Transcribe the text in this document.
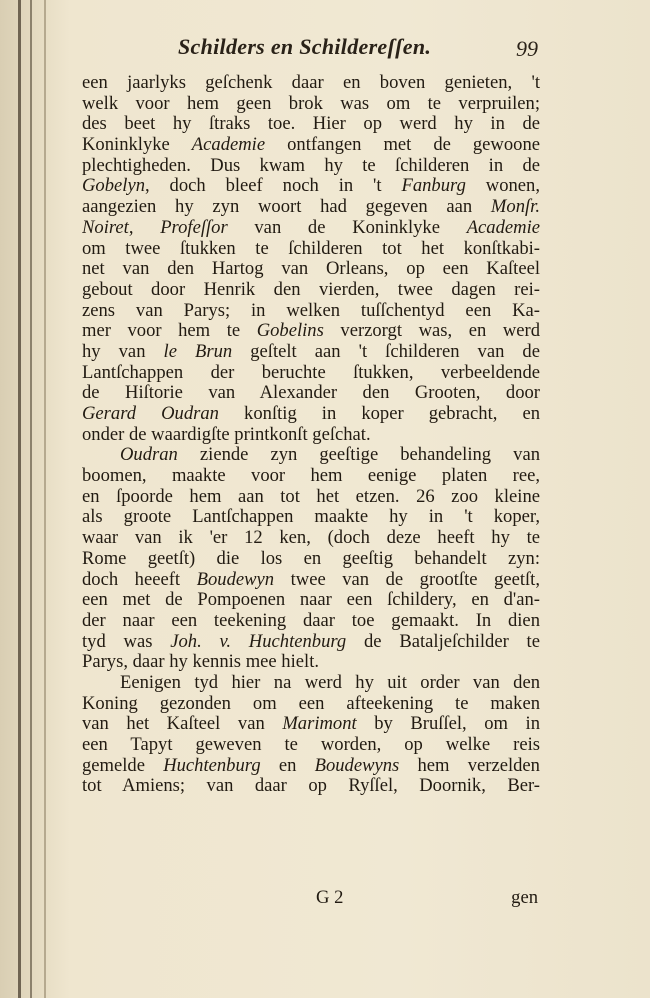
Schilders en Schildereſſen.	99
een jaarlyks geſchenk daar en boven genieten, 't
welk voor hem geen brok was om te verpruilen;
des beet hy ſtraks toe. Hier op werd hy in de
Koninklyke Academie ontfangen met de gewoone
plechtigheden. Dus kwam hy te ſchilderen in de
Gobelyn, doch bleef noch in 't Fanburg wonen,
aangezien hy zyn woort had gegeven aan Monſr.
Noiret, Profeſſor van de Koninklyke Academie
om twee ſtukken te ſchilderen tot het konſtkabi-
net van den Hartog van Orleans, op een Kaſteel
gebout door Henrik den vierden, twee dagen rei-
zens van Parys; in welken tuſſchentyd een Ka-
mer voor hem te Gobelins verzorgt was, en werd
hy van le Brun geſtelt aan 't ſchilderen van de
Lantſchappen der beruchte ſtukken, verbeeldende
de Hiſtorie van Alexander den Grooten, door
Gerard Oudran konſtig in koper gebracht, en
onder de waardigſte printkonſt geſchat.
Oudran ziende zyn geeſtige behandeling van
boomen, maakte voor hem eenige platen ree,
en ſpoorde hem aan tot het etzen. 26 zoo kleine
als groote Lantſchappen maakte hy in 't koper,
waar van ik 'er 12 ken, (doch deze heeft hy te
Rome geetſt) die los en geeſtig behandelt zyn:
doch heeeft Boudewyn twee van de grootſte geetſt,
een met de Pompoenen naar een ſchildery, en d'an-
der naar een teekening daar toe gemaakt. In dien
tyd was Joh. v. Huchtenburg de Bataljeſchilder te
Parys, daar hy kennis mee hielt.
Eenigen tyd hier na werd hy uit order van den
Koning gezonden om een afteekening te maken
van het Kaſteel van Marimont by Bruſſel, om in
een Tapyt geweven te worden, op welke reis
gemelde Huchtenburg en Boudewyns hem verzelden
tot Amiens; van daar op Ryſſel, Doornik, Ber-
G 2	gen
